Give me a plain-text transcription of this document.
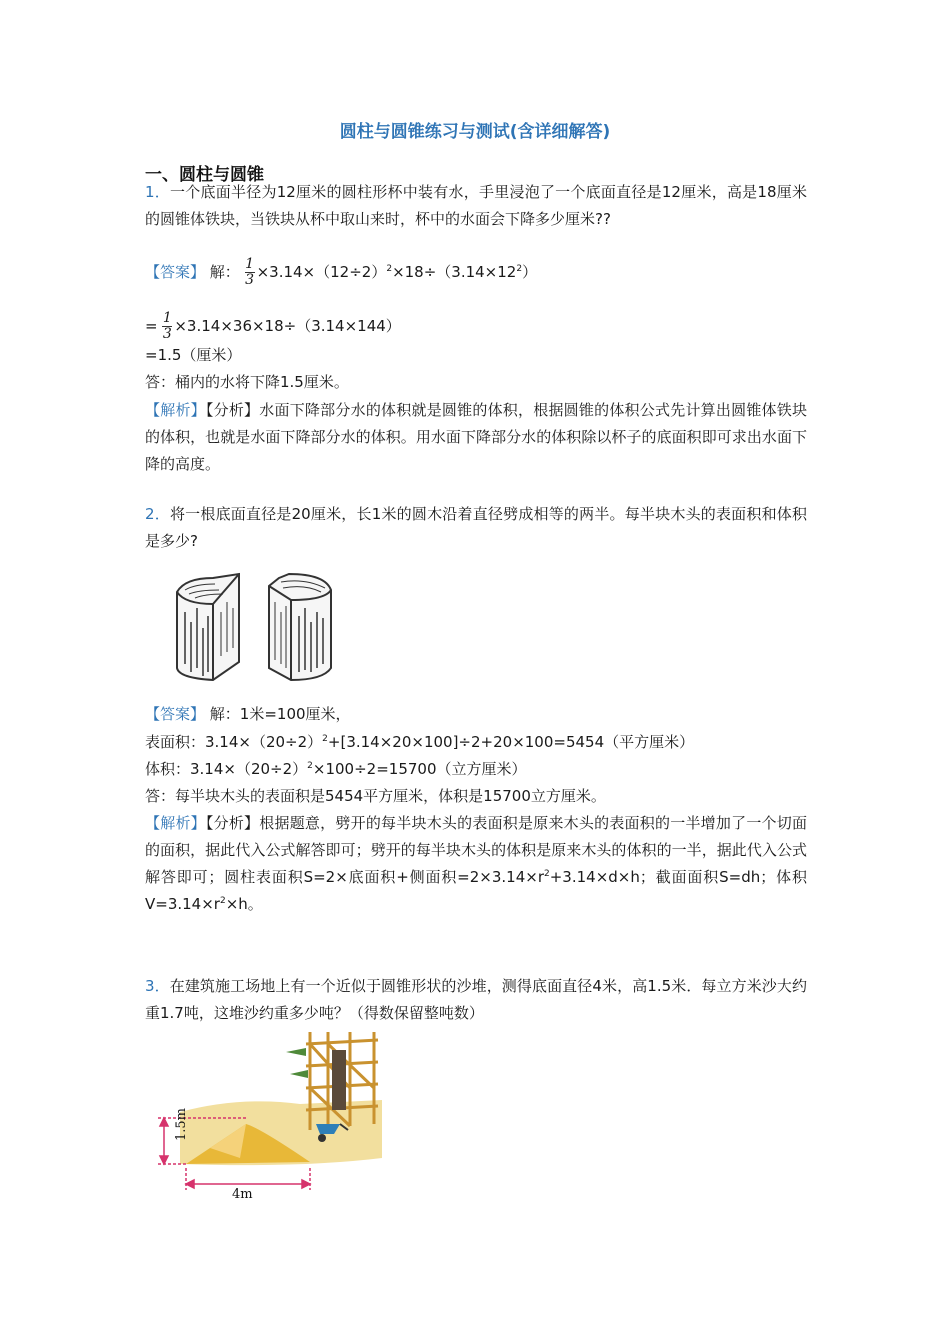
圆柱与圆锥练习与测试(含详细解答)
一、圆柱与圆锥
1．一个底面半径为12厘米的圆柱形杯中装有水，手里浸泡了一个底面直径是12厘米，高是18厘米的圆锥体铁块，当铁块从杯中取山来时，杯中的水面会下降多少厘米??
【答案】 解： $\frac{1}{3} \times 3.14\times(12\div 2)^2\times 18\div(3.14\times 12^2)$
= $\frac{1}{3} \times 3.14\times 36\times 18\div(3.14\times 144)$
=1.5（厘米）
答：桶内的水将下降1.5厘米。
【解析】【分析】水面下降部分水的体积就是圆锥的体积，根据圆锥的体积公式先计算出圆锥体铁块的体积，也就是水面下降部分水的体积。用水面下降部分水的体积除以杯子的底面积即可求出水面下降的高度。
2．将一根底面直径是20厘米，长1米的圆木沿着直径劈成相等的两半。每半块木头的表面积和体积是多少?
【答案】 解：1米=100厘米，
表面积：$3.14\times(20\div 2)^2+[3.14\times 20\times 100]\div 2+20\times 100=5454$（平方厘米）
体积：$3.14\times(20\div 2)^2\times 100\div 2=15700$（立方厘米）
答：每半块木头的表面积是5454平方厘米，体积是15700立方厘米。
【解析】【分析】根据题意，劈开的每半块木头的表面积是原来木头的表面积的一半增加了一个切面的面积，据此代入公式解答即可；劈开的每半块木头的体积是原来木头的体积的一半，据此代入公式解答即可；圆柱表面积S=2×底面积+侧面积$=2\times 3.14\times r^2+3.14\times d\times h$；截面面积S=dh；体积$V=3.14\times r^2\times h$。
3．在建筑施工场地上有一个近似于圆锥形状的沙堆，测得底面直径4米，高1.5米．每立方米沙大约重1.7吨，这堆沙约重多少吨？（得数保留整吨数）
1.5m
4m
